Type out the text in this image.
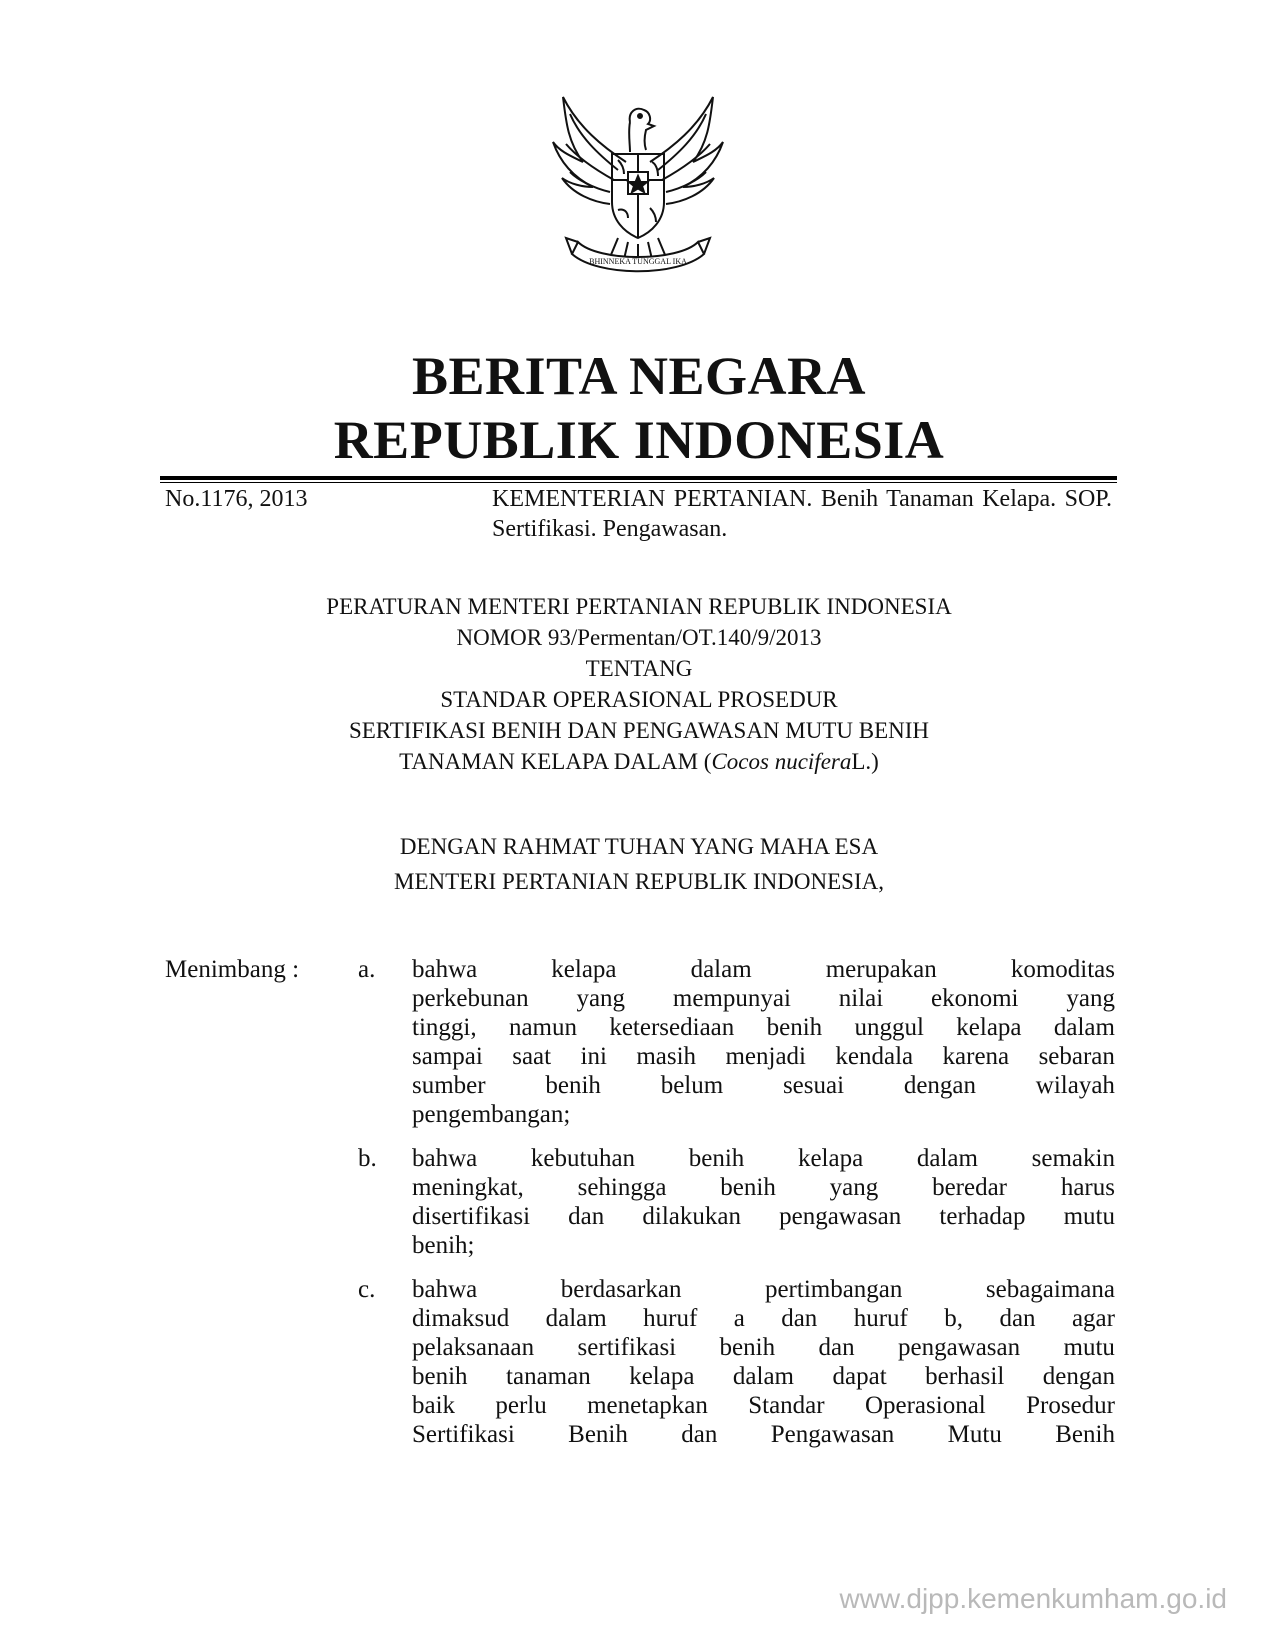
BHINNEKA TUNGGAL IKA
BERITA NEGARA
REPUBLIK INDONESIA
No.1176, 2013	KEMENTERIAN PERTANIAN. Benih Tanaman Kelapa. SOP. Sertifikasi. Pengawasan.
PERATURAN MENTERI PERTANIAN REPUBLIK INDONESIA
NOMOR 93/Permentan/OT.140/9/2013
TENTANG
STANDAR OPERASIONAL PROSEDUR
SERTIFIKASI BENIH DAN PENGAWASAN MUTU BENIH
TANAMAN KELAPA DALAM (Cocos nuciferaL.)
DENGAN RAHMAT TUHAN YANG MAHA ESA
MENTERI PERTANIAN REPUBLIK INDONESIA,
Menimbang : a. bahwa	kelapa	dalam	merupakan	komoditas
perkebunan yang mempunyai nilai ekonomi yang
tinggi, namun ketersediaan benih unggul kelapa dalam
sampai saat ini masih menjadi kendala karena sebaran
sumber benih belum sesuai dengan wilayah
pengembangan;
b. bahwa kebutuhan benih kelapa dalam semakin
meningkat, sehingga benih yang beredar harus
disertifikasi dan dilakukan pengawasan terhadap mutu
benih;
c. bahwa	berdasarkan	pertimbangan	sebagaimana
dimaksud dalam huruf a dan huruf b, dan agar
pelaksanaan sertifikasi benih dan pengawasan mutu
benih tanaman kelapa dalam dapat berhasil dengan
baik perlu menetapkan Standar Operasional Prosedur
Sertifikasi Benih dan Pengawasan Mutu Benih
www.djpp.kemenkumham.go.id
